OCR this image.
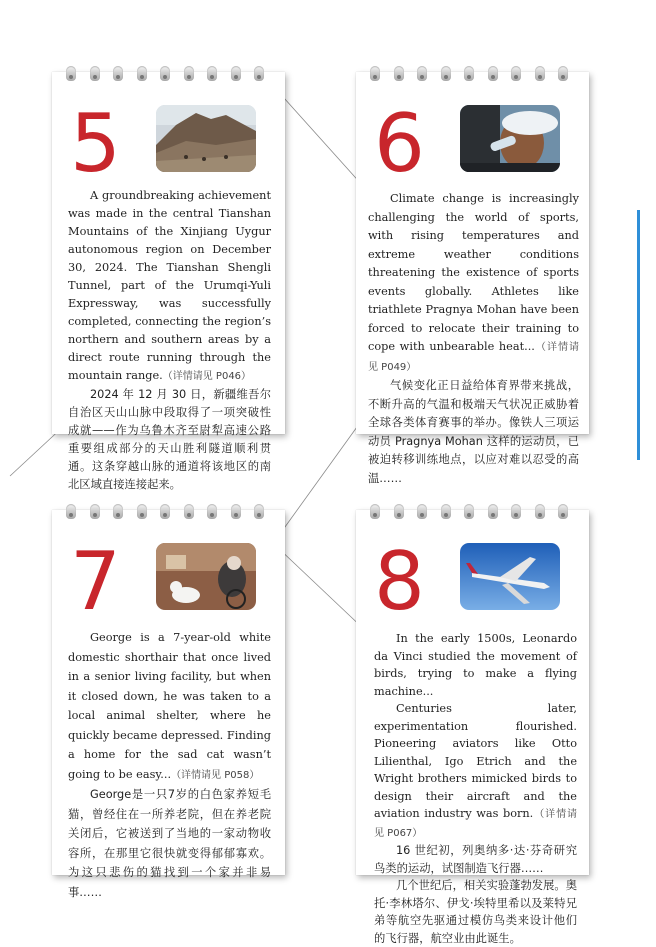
5

A groundbreaking achievement was made in the central Tianshan Mountains of the Xinjiang Uygur autonomous region on December 30, 2024. The Tianshan Shengli Tunnel, part of the Urumqi-Yuli Expressway, was successfully completed, connecting the region’s northern and southern areas by a direct route running through the mountain range.（详情请见 P046）

2024 年 12 月 30 日，新疆维吾尔自治区天山山脉中段取得了一项突破性成就——作为乌鲁木齐至尉犁高速公路重要组成部分的天山胜利隧道顺利贯通。这条穿越山脉的通道将该地区的南北区域直接连接起来。

6

Climate change is increasingly challenging the world of sports, with rising temperatures and extreme weather conditions threatening the existence of sports events globally. Athletes like triathlete Pragnya Mohan have been forced to relocate their training to cope with unbearable heat...（详情请见 P049）

气候变化正日益给体育界带来挑战，不断升高的气温和极端天气状况正威胁着全球各类体育赛事的举办。像铁人三项运动员 Pragnya Mohan 这样的运动员，已被迫转移训练地点，以应对难以忍受的高温……

7

George is a 7-year-old white domestic shorthair that once lived in a senior living facility, but when it closed down, he was taken to a local animal shelter, where he quickly became depressed. Finding a home for the sad cat wasn’t going to be easy...（详情请见 P058）

George是一只7岁的白色家养短毛猫，曾经住在一所养老院，但在养老院关闭后，它被送到了当地的一家动物收容所，在那里它很快就变得郁郁寡欢。为这只悲伤的猫找到一个家并非易事……

8

In the early 1500s, Leonardo da Vinci studied the movement of birds, trying to make a flying machine...

Centuries later, experimentation flourished. Pioneering aviators like Otto Lilienthal, Igo Etrich and the Wright brothers mimicked birds to design their aircraft and the aviation industry was born.（详情请见 P067）

16 世纪初，列奥纳多·达·芬奇研究鸟类的运动，试图制造飞行器……

几个世纪后，相关实验蓬勃发展。奥托·李林塔尔、伊戈·埃特里希以及莱特兄弟等航空先驱通过模仿鸟类来设计他们的飞行器，航空业由此诞生。
